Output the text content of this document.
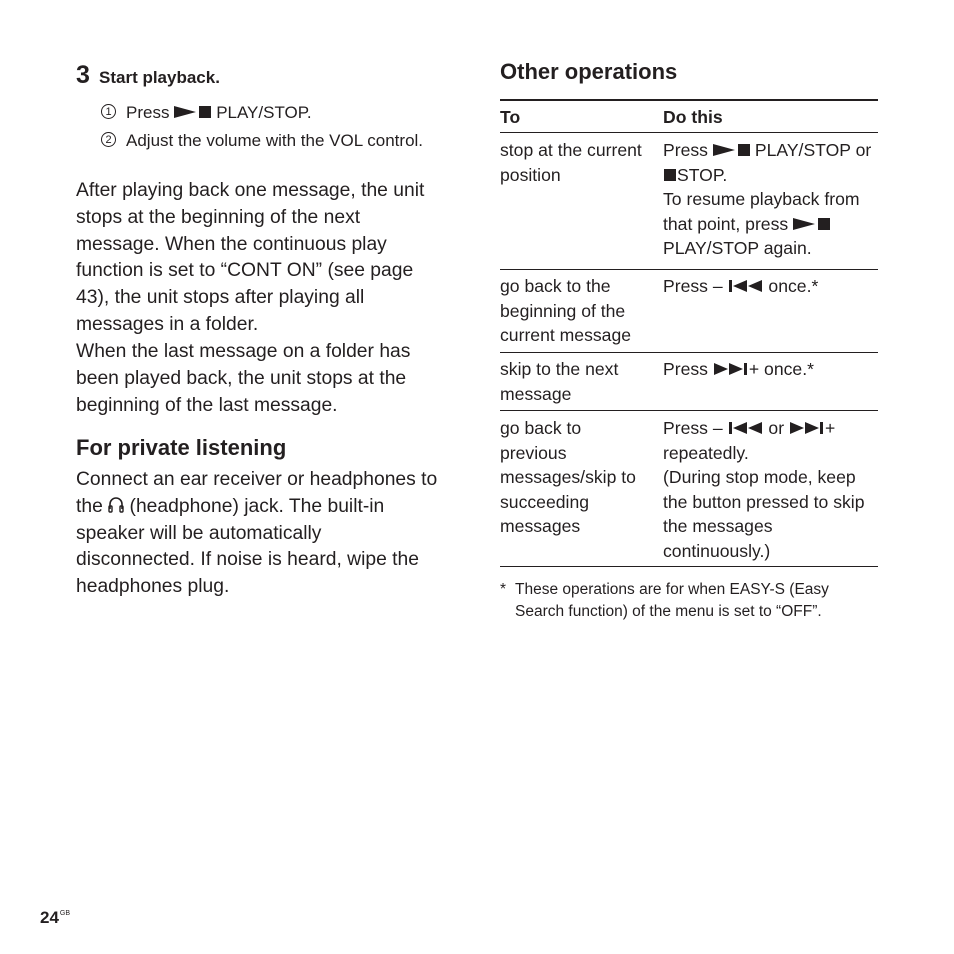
3 Start playback.
1 Press PLAY/STOP.
2 Adjust the volume with the VOL control.
After playing back one message, the unit stops at the beginning of the next message. When the continuous play function is set to “CONT ON” (see page 43), the unit stops after playing all messages in a folder.
When the last message on a folder has been played back, the unit stops at the beginning of the last message.
For private listening
Connect an ear receiver or headphones to the  (headphone) jack. The built-in speaker will be automatically disconnected. If noise is heard, wipe the headphones plug.
Other operations
To	Do this
stop at the current position
Press PLAY/STOP or STOP.
To resume playback from that point, press PLAY/STOP again.
go back to the beginning of the current message
Press –  once.*
skip to the next message
Press + once.*
go back to previous messages/skip to succeeding messages
Press –  or + repeatedly.
(During stop mode, keep the button pressed to skip the messages continuously.)
* These operations are for when EASY-S (Easy Search function) of the menu is set to “OFF”.
$24^{GB}$
